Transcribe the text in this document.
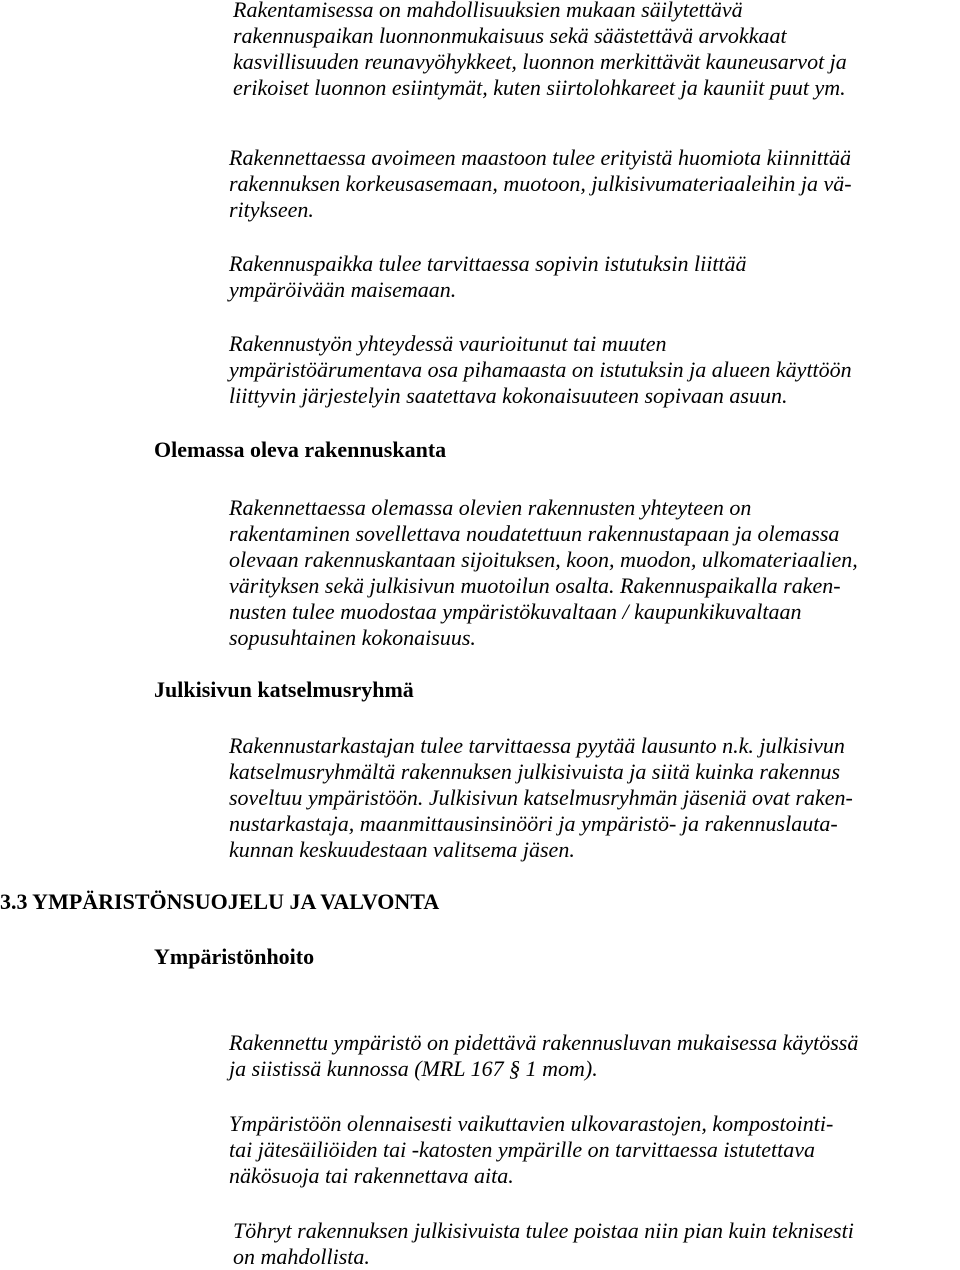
Rakentamisessa on mahdollisuuksien mukaan säilytettävä
rakennuspaikan luonnonmukaisuus sekä säästettävä arvokkaat
kasvillisuuden reunavyöhykkeet, luonnon merkittävät kauneusarvot ja
erikoiset luonnon esiintymät, kuten siirtolohkareet ja kauniit puut ym.
Rakennettaessa avoimeen maastoon tulee erityistä huomiota kiinnittää
rakennuksen korkeusasemaan, muotoon, julkisivumateriaaleihin ja vä-
ritykseen.
Rakennuspaikka tulee tarvittaessa sopivin istutuksin liittää
ympäröivään maisemaan.
Rakennustyön yhteydessä vaurioitunut tai muuten
ympäristöärumentava osa pihamaasta on istutuksin ja alueen käyttöön
liittyvin järjestelyin saatettava kokonaisuuteen sopivaan asuun.
Olemassa oleva rakennuskanta
Rakennettaessa olemassa olevien rakennusten yhteyteen on
rakentaminen sovellettava noudatettuun rakennustapaan ja olemassa
olevaan rakennuskantaan sijoituksen, koon, muodon, ulkomateriaalien,
värityksen sekä julkisivun muotoilun osalta. Rakennuspaikalla raken-
nusten tulee muodostaa ympäristökuvaltaan / kaupunkikuvaltaan
sopusuhtainen kokonaisuus.
Julkisivun katselmusryhmä
Rakennustarkastajan tulee tarvittaessa pyytää lausunto n.k. julkisivun
katselmusryhmältä rakennuksen julkisivuista ja siitä kuinka rakennus
soveltuu ympäristöön. Julkisivun katselmusryhmän jäseniä ovat raken-
nustarkastaja, maanmittausinsinööri ja ympäristö- ja rakennuslauta-
kunnan keskuudestaan valitsema jäsen.
3.3 YMPÄRISTÖNSUOJELU JA VALVONTA
Ympäristönhoito
Rakennettu ympäristö on pidettävä rakennusluvan mukaisessa käytössä
ja siistissä kunnossa (MRL 167 § 1 mom).
Ympäristöön olennaisesti vaikuttavien ulkovarastojen, kompostointi-
tai jätesäiliöiden tai -katosten ympärille on tarvittaessa istutettava
näkösuoja tai rakennettava aita.
Töhryt rakennuksen julkisivuista tulee poistaa niin pian kuin teknisesti
on mahdollista.
